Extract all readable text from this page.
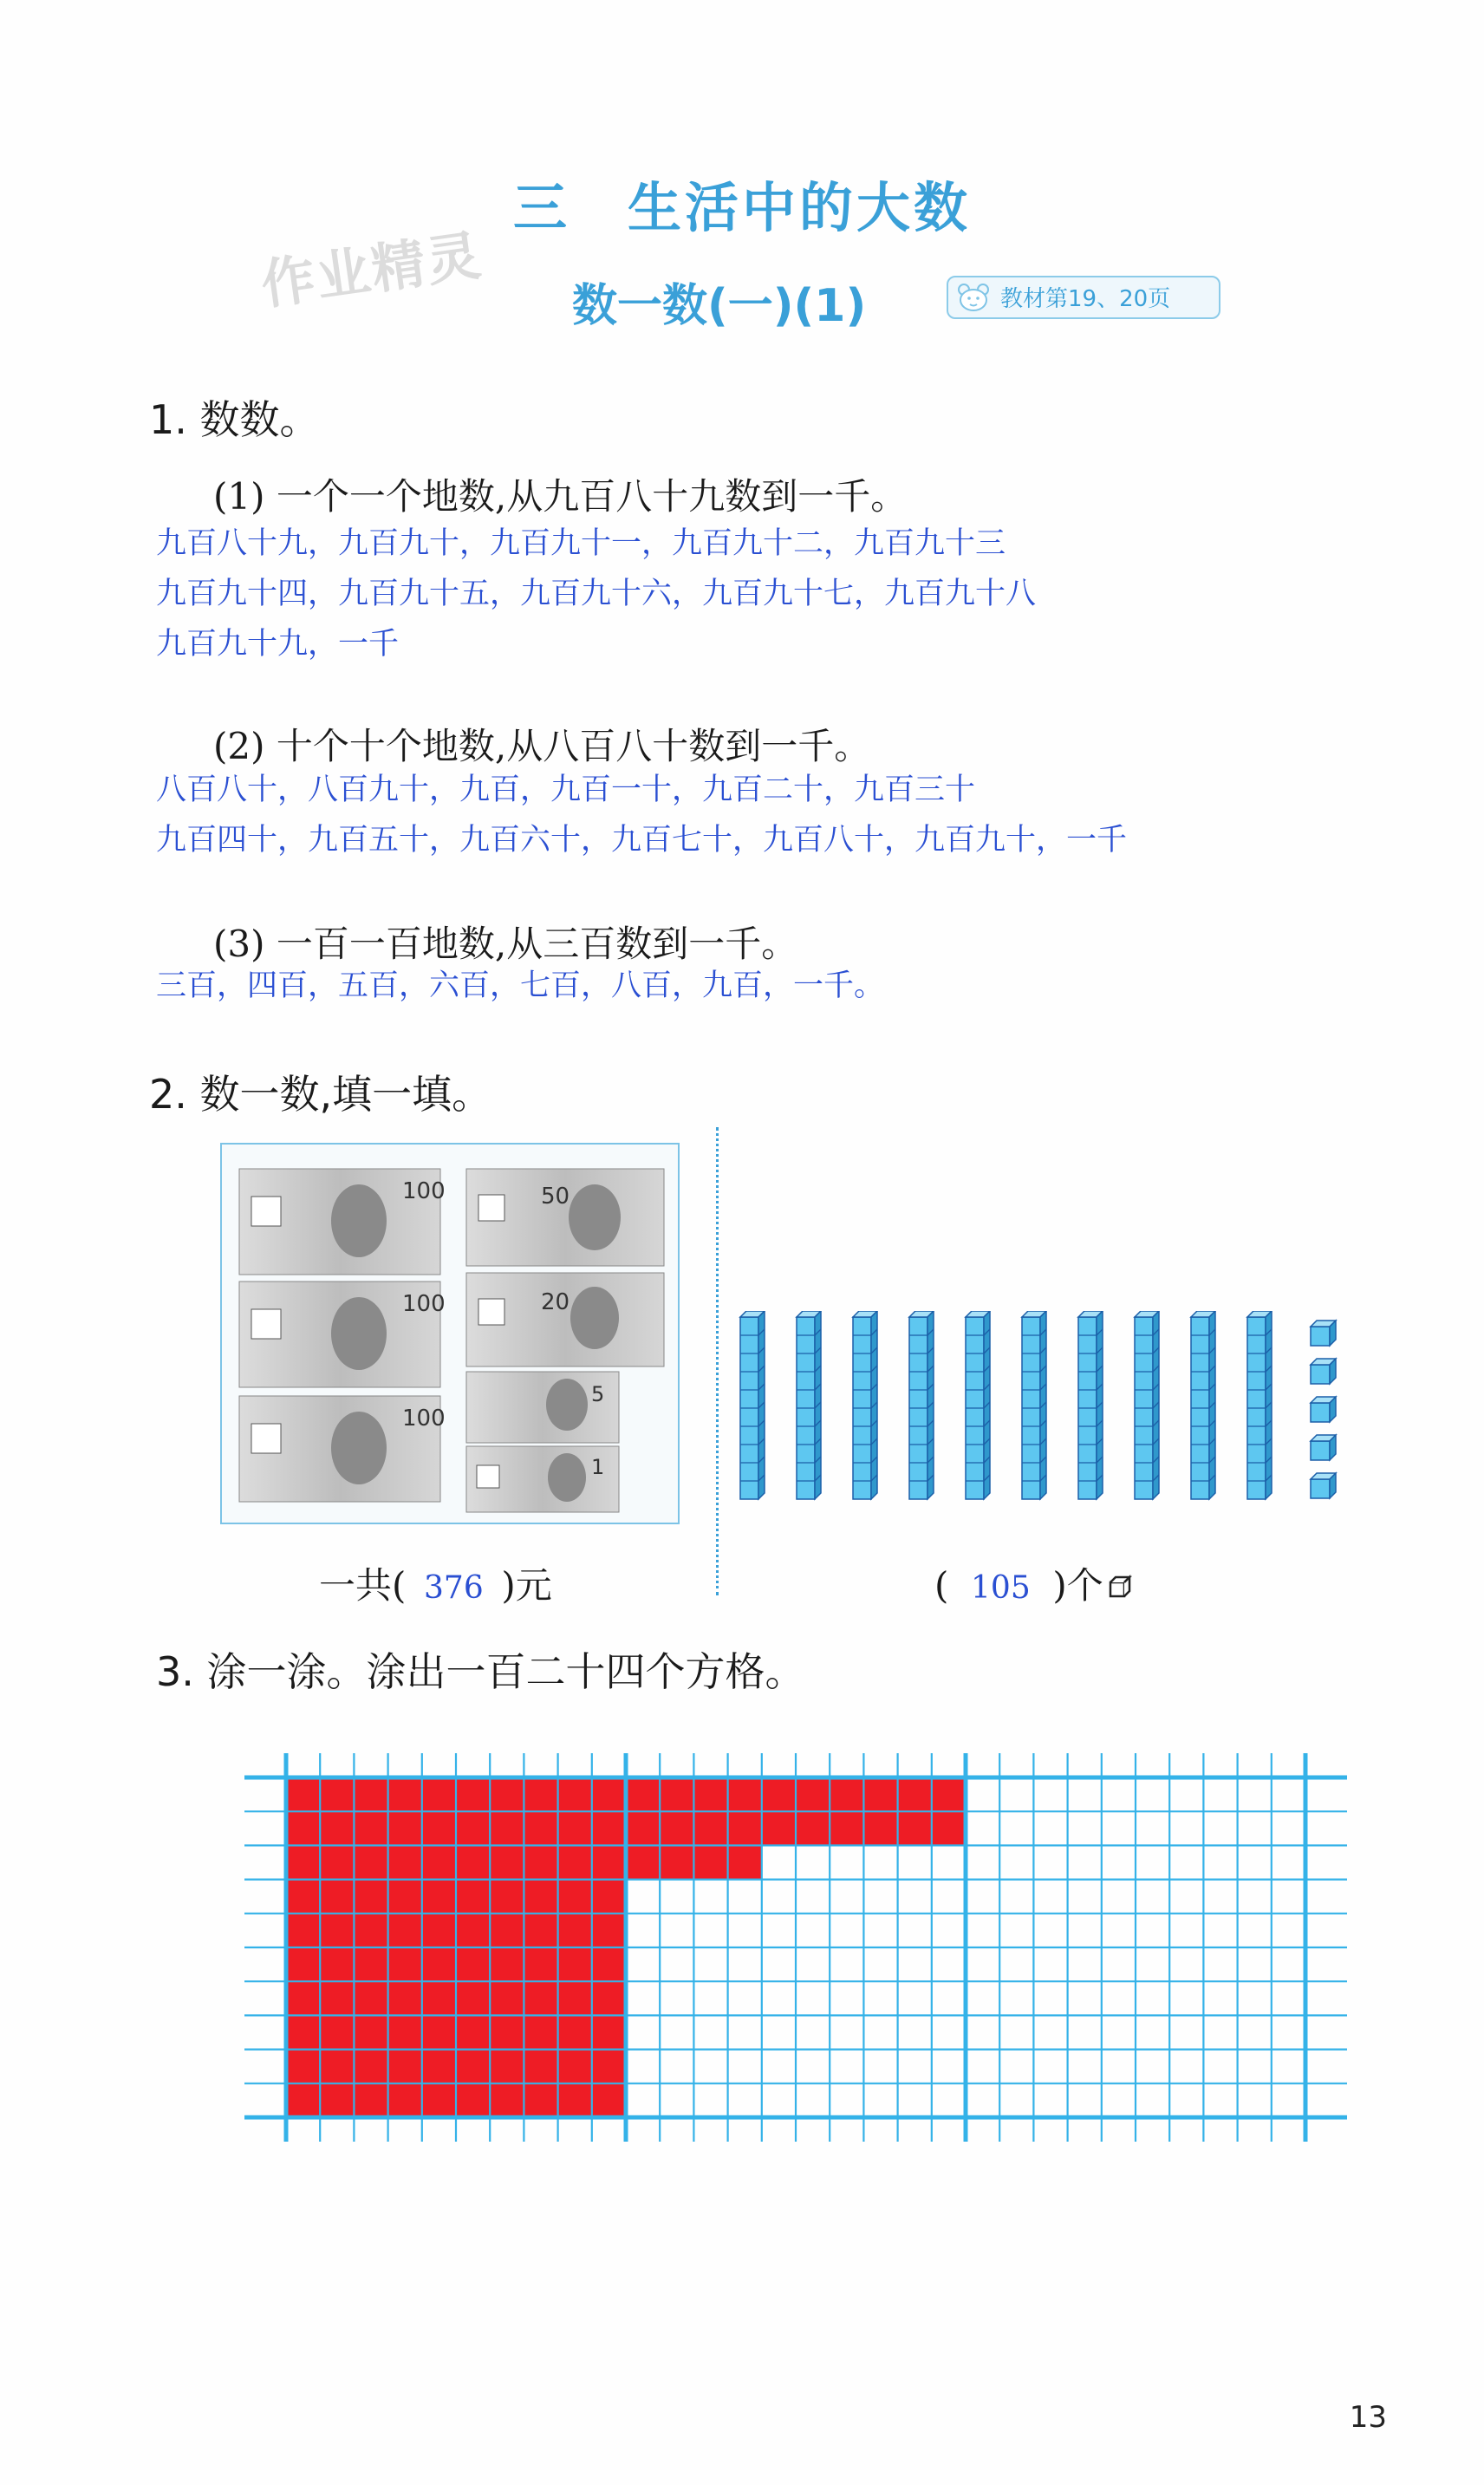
三　生活中的大数
作业精灵 数一数(一)(1)	教材第19、20页
1. 数数。
(1) 一个一个地数,从九百八十九数到一千。
九百八十九，九百九十，九百九十一，九百九十二，九百九十三
九百九十四，九百九十五，九百九十六，九百九十七，九百九十八
九百九十九，一千
(2) 十个十个地数,从八百八十数到一千。
八百八十，八百九十，九百，九百一十，九百二十，九百三十
九百四十，九百五十，九百六十，九百七十，九百八十，九百九十，一千
(3) 一百一百地数,从三百数到一千。
三百，四百，五百，六百，七百，八百，九百，一千。
2. 数一数,填一填。
100	50
100	20
5
100
1
一共( 376 )元	( 105 )个
3. 涂一涂。涂出一百二十四个方格。
13
